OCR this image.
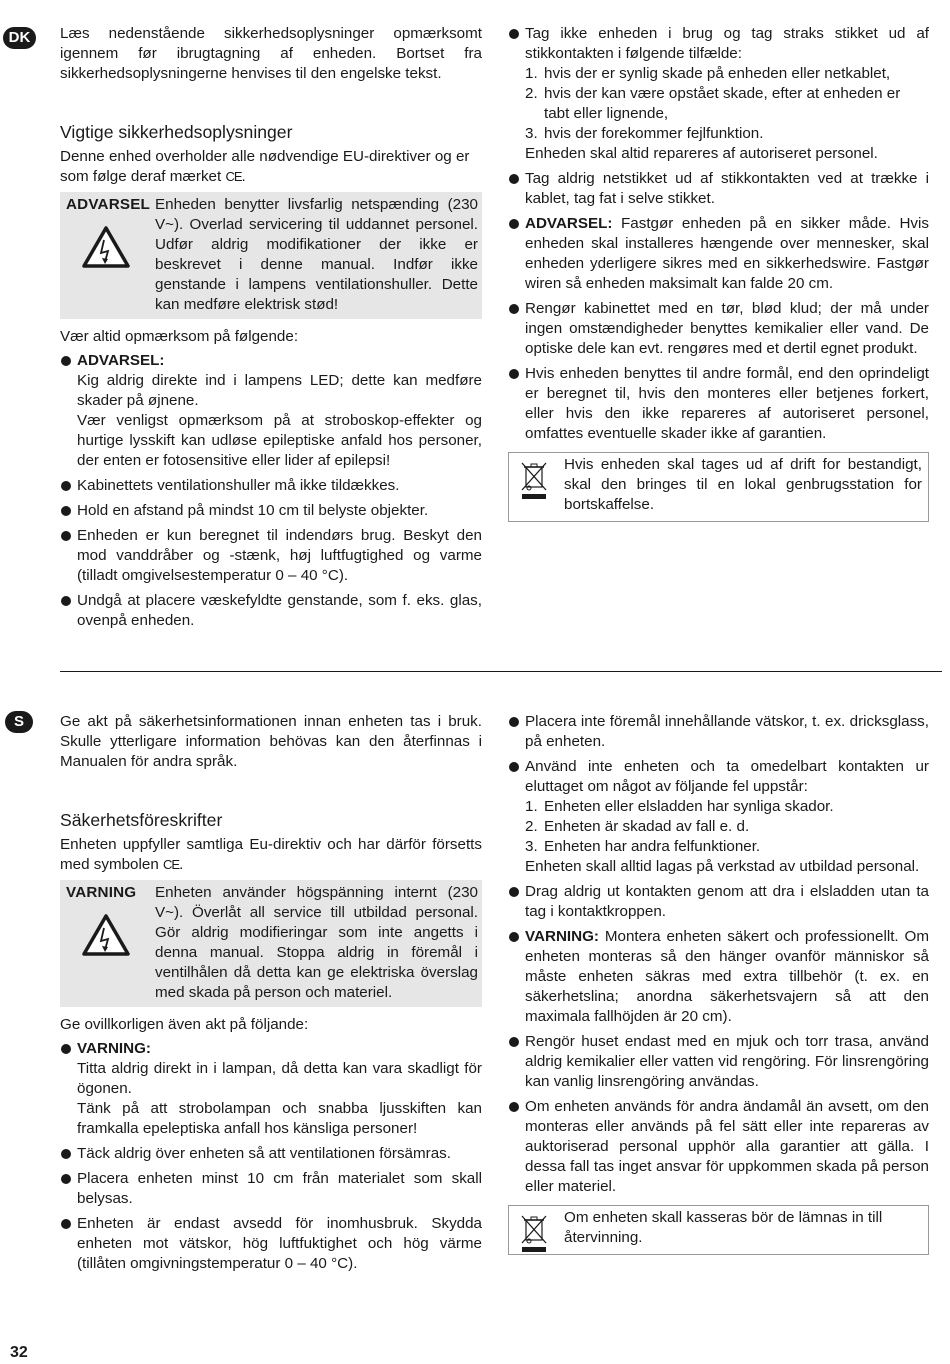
DK	Læs nedenstående sikkerhedsoplysninger opmærksomt igennem før ibrugtagning af enheden. Bortset fra sikkerhedsoplysningerne henvises til den engelske tekst.

Vigtige sikkerhedsoplysninger

Denne enhed overholder alle nødvendige EU-direktiver og er som følge deraf mærket CE.

ADVARSEL Enheden benytter livsfarlig netspænding (230 V~). Overlad servicering til uddannet personel. Udfør aldrig modifikationer der ikke er beskrevet i denne manual. Indfør ikke genstande i lampens ventilationshuller. Dette kan medføre elektrisk stød!

Vær altid opmærksom på følgende:

ADVARSEL:

Kig aldrig direkte ind i lampens LED; dette kan medføre skader på øjnene.

Vær venligst opmærksom på at stroboskop-effekter og hurtige lysskift kan udløse epileptiske anfald hos personer, der enten er fotosensitive eller lider af epilepsi!

Kabinettets ventilationshuller må ikke tildækkes.

Hold en afstand på mindst 10 cm til belyste objekter.

Enheden er kun beregnet til indendørs brug. Beskyt den mod vanddråber og -stænk, høj luftfugtighed og varme (tilladt omgivelsestemperatur 0 – 40 °C).

Undgå at placere væskefyldte genstande, som f. eks. glas, ovenpå enheden.

Tag ikke enheden i brug og tag straks stikket ud af stikkontakten i følgende tilfælde:

1. hvis der er synlig skade på enheden eller netkablet,

2. hvis der kan være opstået skade, efter at enheden er tabt eller lignende,

3. hvis der forekommer fejlfunktion.

Enheden skal altid repareres af autoriseret personel.

Tag aldrig netstikket ud af stikkontakten ved at trække i kablet, tag fat i selve stikket.

ADVARSEL: Fastgør enheden på en sikker måde. Hvis enheden skal installeres hængende over mennesker, skal enheden yderligere sikres med en sikkerhedswire. Fastgør wiren så enheden maksimalt kan falde 20 cm.

Rengør kabinettet med en tør, blød klud; der må under ingen omstændigheder benyttes kemikalier eller vand. De optiske dele kan evt. rengøres med et dertil egnet produkt.

Hvis enheden benyttes til andre formål, end den oprindeligt er beregnet til, hvis den monteres eller betjenes forkert, eller hvis den ikke repareres af autoriseret personel, omfattes eventuelle skader ikke af garantien.

Hvis enheden skal tages ud af drift for bestandigt, skal den bringes til en lokal genbrugsstation for bortskaffelse.

S	Ge akt på säkerhetsinformationen innan enheten tas i bruk. Skulle ytterligare information behövas kan den återfinnas i Manualen för andra språk.

Säkerhetsföreskrifter

Enheten uppfyller samtliga Eu-direktiv och har därför försetts med symbolen CE.

VARNING Enheten använder högspänning internt (230 V~). Överlåt all service till utbildad personal. Gör aldrig modifieringar som inte angetts i denna manual. Stoppa aldrig in föremål i ventilhålen då detta kan ge elektriska överslag med skada på person och materiel.

Ge ovillkorligen även akt på följande:

VARNING:

Titta aldrig direkt in i lampan, då detta kan vara skadligt för ögonen.

Tänk på att strobolampan och snabba ljusskiften kan framkalla epeleptiska anfall hos känsliga personer!

Täck aldrig över enheten så att ventilationen försämras.

Placera enheten minst 10 cm från materialet som skall belysas.

Enheten är endast avsedd för inomhusbruk. Skydda enheten mot vätskor, hög luftfuktighet och hög värme (tillåten omgivningstemperatur 0 – 40 °C).

Placera inte föremål innehållande vätskor, t. ex. dricksglass, på enheten.

Använd inte enheten och ta omedelbart kontakten ur eluttaget om något av följande fel uppstår:

1. Enheten eller elsladden har synliga skador.

2. Enheten är skadad av fall e. d.

3. Enheten har andra felfunktioner.

Enheten skall alltid lagas på verkstad av utbildad personal.

Drag aldrig ut kontakten genom att dra i elsladden utan ta tag i kontaktkroppen.

VARNING: Montera enheten säkert och professionellt. Om enheten monteras så den hänger ovanför människor så måste enheten säkras med extra tillbehör (t. ex. en säkerhetslina; anordna säkerhetsvajern så att den maximala fallhöjden är 20 cm).

Rengör huset endast med en mjuk och torr trasa, använd aldrig kemikalier eller vatten vid rengöring. För linsrengöring kan vanlig linsrengöring användas.

Om enheten används för andra ändamål än avsett, om den monteras eller används på fel sätt eller inte repareras av auktoriserad personal upphör alla garantier att gälla. I dessa fall tas inget ansvar för uppkommen skada på person eller materiel.

Om enheten skall kasseras bör de lämnas in till återvinning.

32
